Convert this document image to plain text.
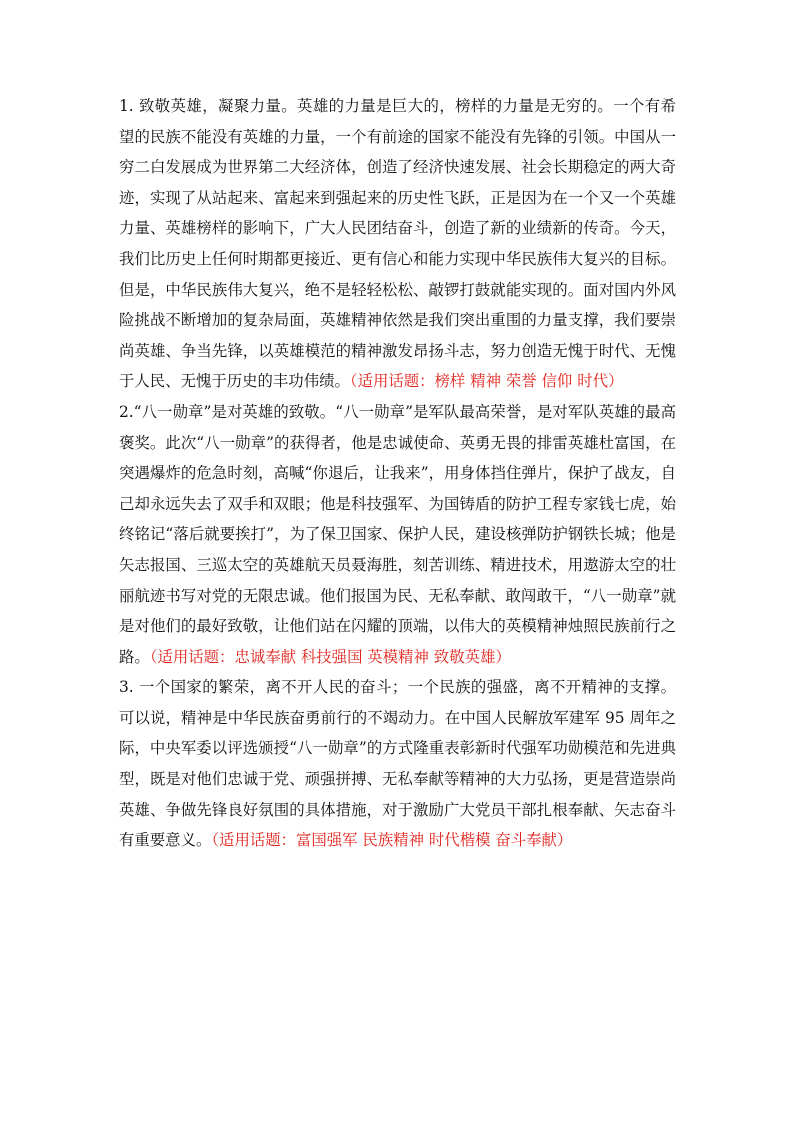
1. 致敬英雄，凝聚力量。英雄的力量是巨大的，榜样的力量是无穷的。一个有希望的民族不能没有英雄的力量，一个有前途的国家不能没有先锋的引领。中国从一穷二白发展成为世界第二大经济体，创造了经济快速发展、社会长期稳定的两大奇迹，实现了从站起来、富起来到强起来的历史性飞跃，正是因为在一个又一个英雄力量、英雄榜样的影响下，广大人民团结奋斗，创造了新的业绩新的传奇。今天，我们比历史上任何时期都更接近、更有信心和能力实现中华民族伟大复兴的目标。但是，中华民族伟大复兴，绝不是轻轻松松、敲锣打鼓就能实现的。面对国内外风险挑战不断增加的复杂局面，英雄精神依然是我们突出重围的力量支撑，我们要崇尚英雄、争当先锋，以英雄模范的精神激发昂扬斗志，努力创造无愧于时代、无愧于人民、无愧于历史的丰功伟绩。（适用话题：榜样 精神 荣誉 信仰 时代）

2.“八一勋章”是对英雄的致敬。“八一勋章”是军队最高荣誉，是对军队英雄的最高褒奖。此次“八一勋章”的获得者，他是忠诚使命、英勇无畏的排雷英雄杜富国，在突遇爆炸的危急时刻，高喊“你退后，让我来”，用身体挡住弹片，保护了战友，自己却永远失去了双手和双眼；他是科技强军、为国铸盾的防护工程专家钱七虎，始终铭记“落后就要挨打”，为了保卫国家、保护人民，建设核弹防护钢铁长城；他是矢志报国、三巡太空的英雄航天员聂海胜，刻苦训练、精进技术，用遨游太空的壮丽航迹书写对党的无限忠诚。他们报国为民、无私奉献、敢闯敢干，“八一勋章”就是对他们的最好致敬，让他们站在闪耀的顶端，以伟大的英模精神烛照民族前行之路。（适用话题：忠诚奉献 科技强国 英模精神 致敬英雄）

3. 一个国家的繁荣，离不开人民的奋斗；一个民族的强盛，离不开精神的支撑。可以说，精神是中华民族奋勇前行的不竭动力。在中国人民解放军建军 95 周年之际，中央军委以评选颁授“八一勋章”的方式隆重表彰新时代强军功勋模范和先进典型，既是对他们忠诚于党、顽强拼搏、无私奉献等精神的大力弘扬，更是营造崇尚英雄、争做先锋良好氛围的具体措施，对于激励广大党员干部扎根奉献、矢志奋斗有重要意义。（适用话题：富国强军 民族精神 时代楷模 奋斗奉献）
